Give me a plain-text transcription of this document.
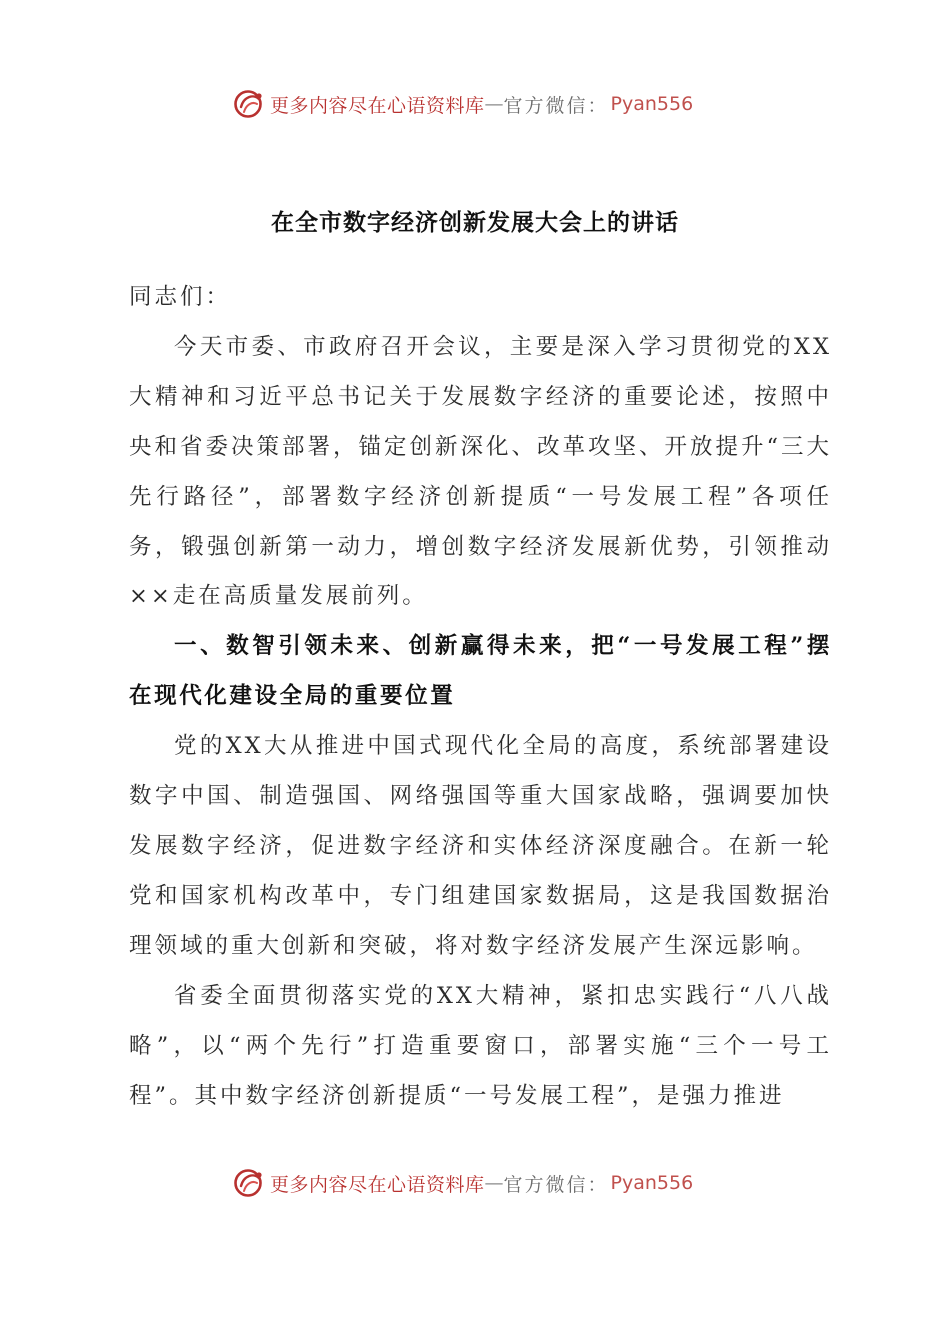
更多内容尽在心语资料库 — 官方微信： Pyan556
在全市数字经济创新发展大会上的讲话

同志们：

今天市委、市政府召开会议，主要是深入学习贯彻党的XX大精神和习近平总书记关于发展数字经济的重要论述，按照中央和省委决策部署，锚定创新深化、改革攻坚、开放提升“三大先行路径”，部署数字经济创新提质“一号发展工程”各项任务，锻强创新第一动力，增创数字经济发展新优势，引领推动××走在高质量发展前列。

一、数智引领未来、创新赢得未来，把“一号发展工程”摆在现代化建设全局的重要位置

党的XX大从推进中国式现代化全局的高度，系统部署建设数字中国、制造强国、网络强国等重大国家战略，强调要加快发展数字经济，促进数字经济和实体经济深度融合。在新一轮党和国家机构改革中，专门组建国家数据局，这是我国数据治理领域的重大创新和突破，将对数字经济发展产生深远影响。

省委全面贯彻落实党的XX大精神，紧扣忠实践行“八八战略”，以“两个先行”打造重要窗口，部署实施“三个一号工程”。其中数字经济创新提质“一号发展工程”，是强力推进

更多内容尽在心语资料库 — 官方微信： Pyan556
